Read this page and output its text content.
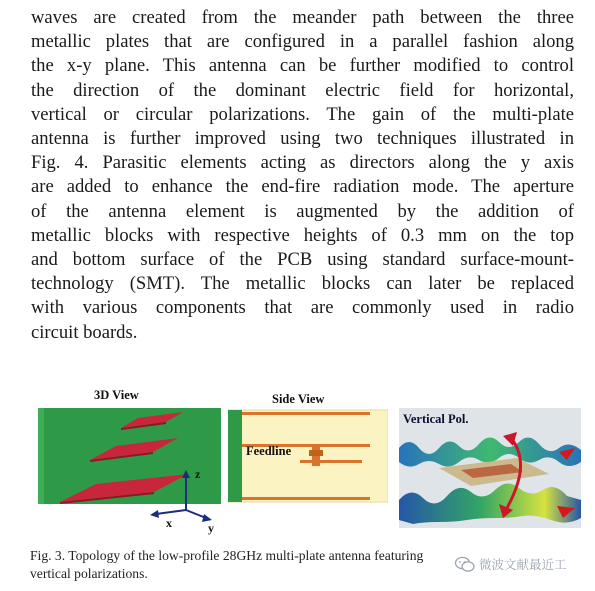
waves are created from the meander path between the three
metallic plates that are configured in a parallel fashion along
the x-y plane. This antenna can be further modified to control
the direction of the dominant electric field for horizontal,
vertical or circular polarizations. The gain of the multi-plate
antenna is further improved using two techniques illustrated in
Fig. 4. Parasitic elements acting as directors along the y axis
are added to enhance the end-fire radiation mode. The aperture
of the antenna element is augmented by the addition of
metallic blocks with respective heights of 0.3 mm on the top
and bottom surface of the PCB using standard surface-mount-
technology (SMT). The metallic blocks can later be replaced
with various components that are commonly used in radio
circuit boards.
3D View
z
x	y
Side View
Feedline
Vertical Pol.
Fig. 3. Topology of the low-profile 28GHz multi-plate antenna featuring
vertical polarizations.
微波文献最近工
